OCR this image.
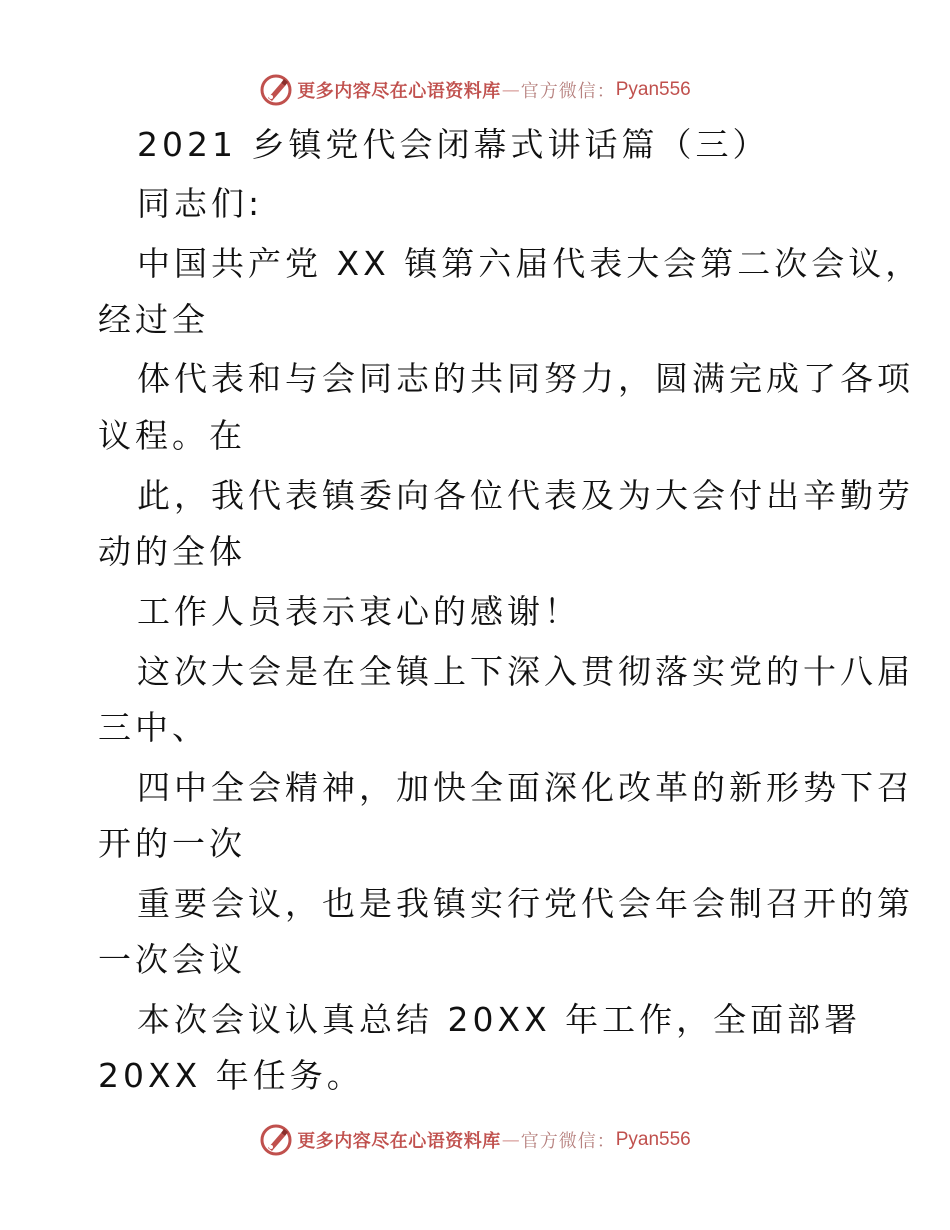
更多内容尽在心语资料库 — 官方微信： Pyan556
2021 乡镇党代会闭幕式讲话篇（三）
同志们:
中国共产党 XX 镇第六届代表大会第二次会议，
经过全
体代表和与会同志的共同努力，圆满完成了各项
议程。在
此，我代表镇委向各位代表及为大会付出辛勤劳
动的全体
工作人员表示衷心的感谢！
这次大会是在全镇上下深入贯彻落实党的十八届
三中、
四中全会精神，加快全面深化改革的新形势下召
开的一次
重要会议，也是我镇实行党代会年会制召开的第
一次会议
本次会议认真总结 20XX 年工作，全面部署
20XX 年任务。
更多内容尽在心语资料库 — 官方微信： Pyan556
